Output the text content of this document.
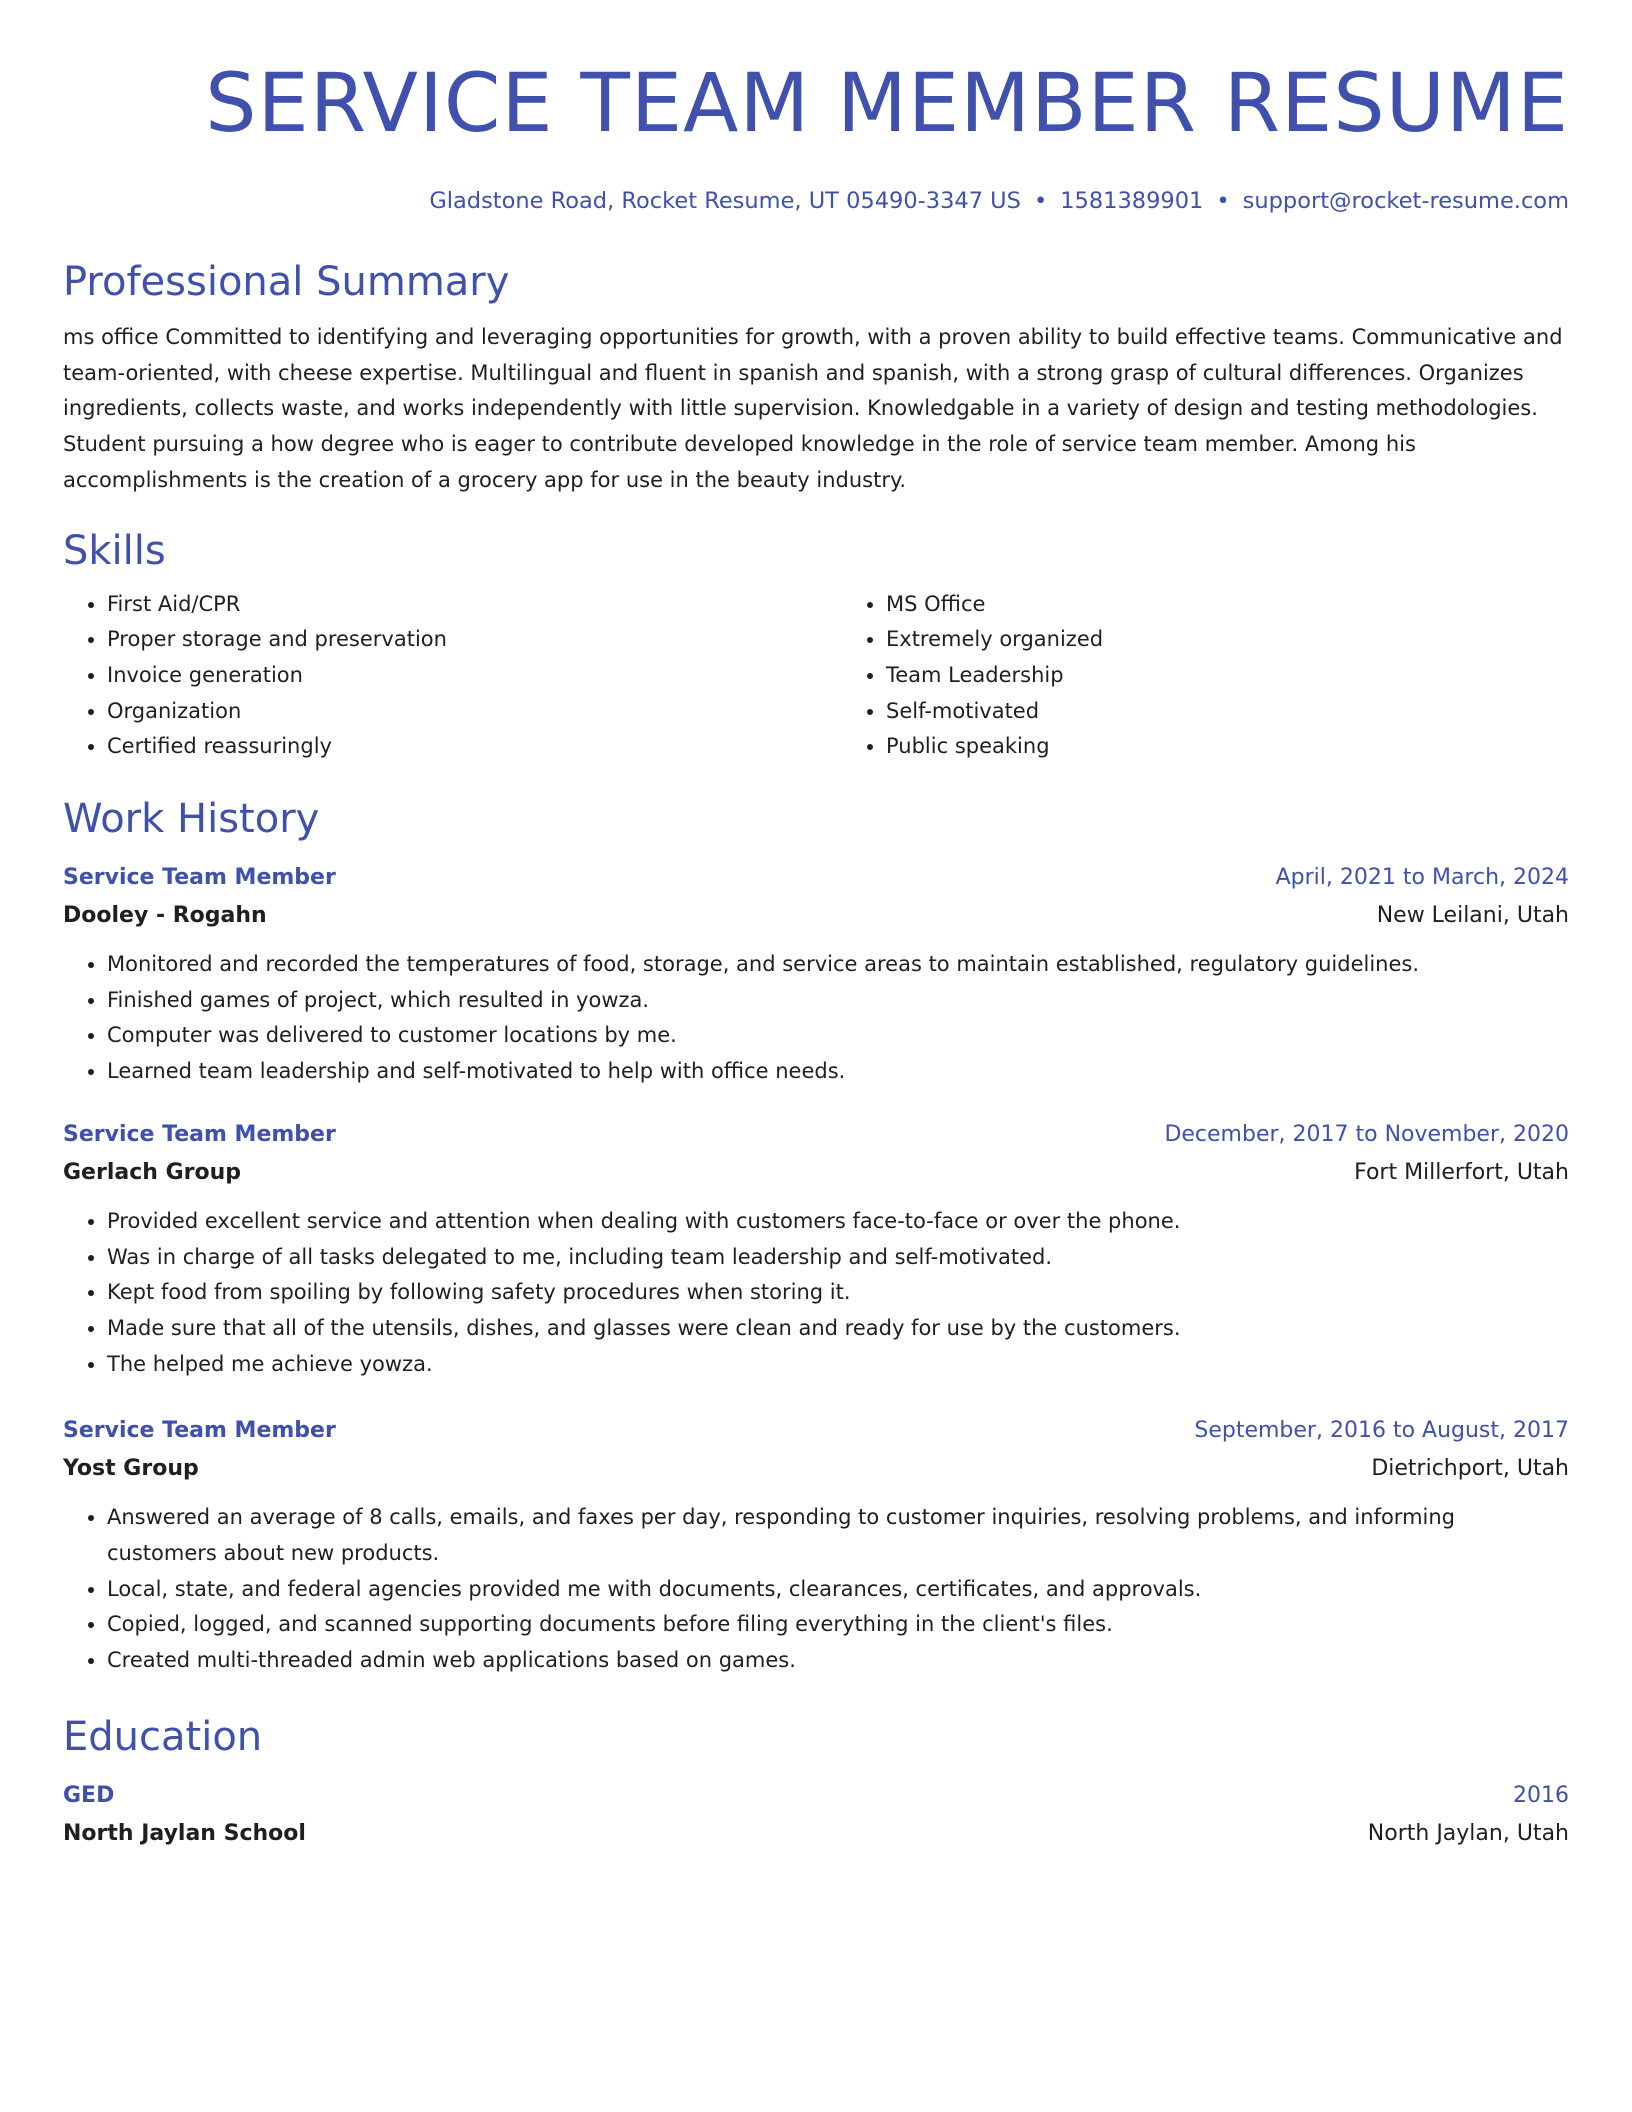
SERVICE TEAM MEMBER RESUME
Gladstone Road, Rocket Resume, UT 05490-3347 US • 1581389901 • support@rocket-resume.com
Professional Summary

ms office Committed to identifying and leveraging opportunities for growth, with a proven ability to build effective teams. Communicative and team-oriented, with cheese expertise. Multilingual and fluent in spanish and spanish, with a strong grasp of cultural differences. Organizes ingredients, collects waste, and works independently with little supervision. Knowledgable in a variety of design and testing methodologies. Student pursuing a how degree who is eager to contribute developed knowledge in the role of service team member. Among his accomplishments is the creation of a grocery app for use in the beauty industry.

Skills
• First Aid/CPR
• Proper storage and preservation
• Invoice generation
• Organization
• Certified reassuringly
• MS Office
• Extremely organized
• Team Leadership
• Self-motivated
• Public speaking
Work History
Service Team Member	April, 2021 to March, 2024
Dooley - Rogahn	New Leilani, Utah
• Monitored and recorded the temperatures of food, storage, and service areas to maintain established, regulatory guidelines.
• Finished games of project, which resulted in yowza.
• Computer was delivered to customer locations by me.
• Learned team leadership and self-motivated to help with office needs.
Service Team Member	December, 2017 to November, 2020
Gerlach Group	Fort Millerfort, Utah
• Provided excellent service and attention when dealing with customers face-to-face or over the phone.
• Was in charge of all tasks delegated to me, including team leadership and self-motivated.
• Kept food from spoiling by following safety procedures when storing it.
• Made sure that all of the utensils, dishes, and glasses were clean and ready for use by the customers.
• The helped me achieve yowza.
Service Team Member	September, 2016 to August, 2017
Yost Group	Dietrichport, Utah
• Answered an average of 8 calls, emails, and faxes per day, responding to customer inquiries, resolving problems, and informing customers about new products.
• Local, state, and federal agencies provided me with documents, clearances, certificates, and approvals.
• Copied, logged, and scanned supporting documents before filing everything in the client's files.
• Created multi-threaded admin web applications based on games.
Education
GED	2016
North Jaylan School	North Jaylan, Utah
